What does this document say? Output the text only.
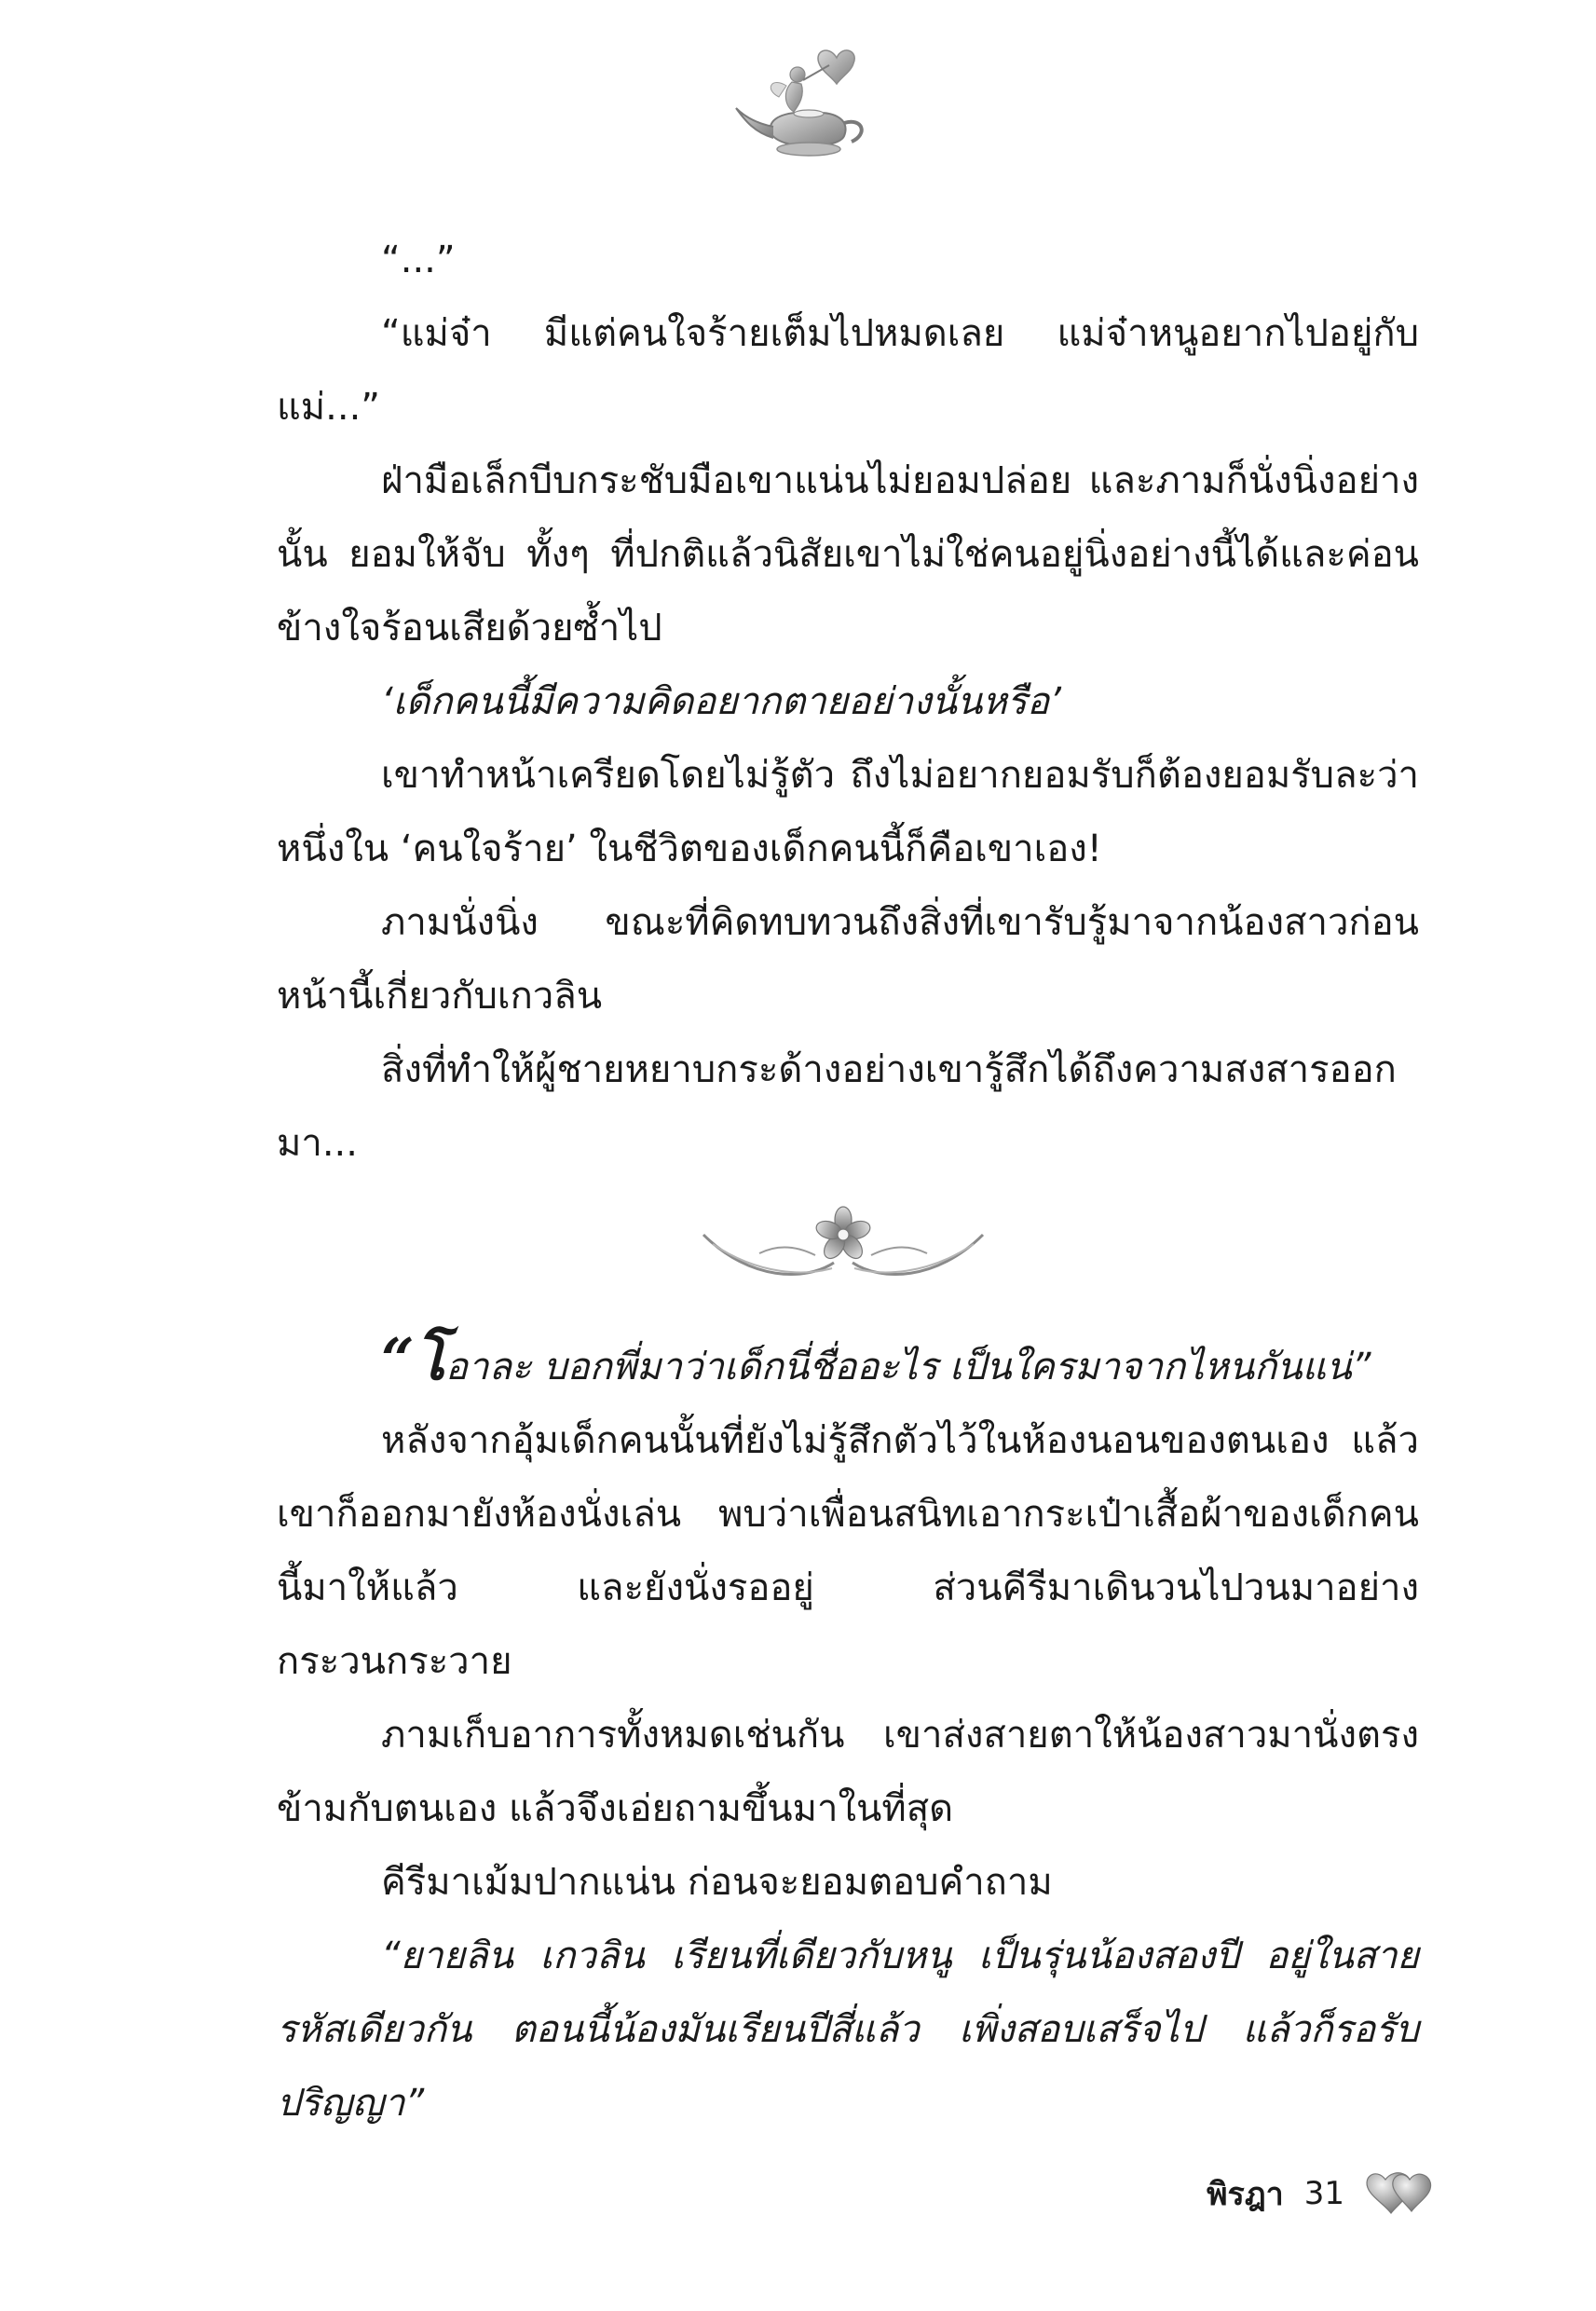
“...”

“แม่จ๋า มีแต่คนใจร้ายเต็มไปหมดเลย แม่จ๋าหนูอยากไปอยู่กับแม่...”

ฝ่ามือเล็กบีบกระชับมือเขาแน่นไม่ยอมปล่อย และภามก็นั่งนิ่งอย่างนั้น ยอมให้จับ ทั้งๆ ที่ปกติแล้วนิสัยเขาไม่ใช่คนอยู่นิ่งอย่างนี้ได้และค่อนข้างใจร้อนเสียด้วยซ้ำไป

‘เด็กคนนี้มีความคิดอยากตายอย่างนั้นหรือ’

เขาทำหน้าเครียดโดยไม่รู้ตัว ถึงไม่อยากยอมรับก็ต้องยอมรับละว่าหนึ่งใน ‘คนใจร้าย’ ในชีวิตของเด็กคนนี้ก็คือเขาเอง!

ภามนั่งนิ่ง ขณะที่คิดทบทวนถึงสิ่งที่เขารับรู้มาจากน้องสาวก่อนหน้านี้เกี่ยวกับเกวลิน

สิ่งที่ทำให้ผู้ชายหยาบกระด้างอย่างเขารู้สึกได้ถึงความสงสารออกมา...

“โอาละ บอกพี่มาว่าเด็กนี่ชื่ออะไร เป็นใครมาจากไหนกันแน่”

หลังจากอุ้มเด็กคนนั้นที่ยังไม่รู้สึกตัวไว้ในห้องนอนของตนเอง แล้วเขาก็ออกมายังห้องนั่งเล่น พบว่าเพื่อนสนิทเอากระเป๋าเสื้อผ้าของเด็กคนนี้มาให้แล้ว และยังนั่งรออยู่ ส่วนคีรีมาเดินวนไปวนมาอย่างกระวนกระวาย

ภามเก็บอาการทั้งหมดเช่นกัน เขาส่งสายตาให้น้องสาวมานั่งตรงข้ามกับตนเอง แล้วจึงเอ่ยถามขึ้นมาในที่สุด

คีรีมาเม้มปากแน่น ก่อนจะยอมตอบคำถาม

“ยายลิน เกวลิน เรียนที่เดียวกับหนู เป็นรุ่นน้องสองปี อยู่ในสายรหัสเดียวกัน ตอนนี้น้องมันเรียนปีสี่แล้ว เพิ่งสอบเสร็จไป แล้วก็รอรับปริญญา”

พิรฎา 31
